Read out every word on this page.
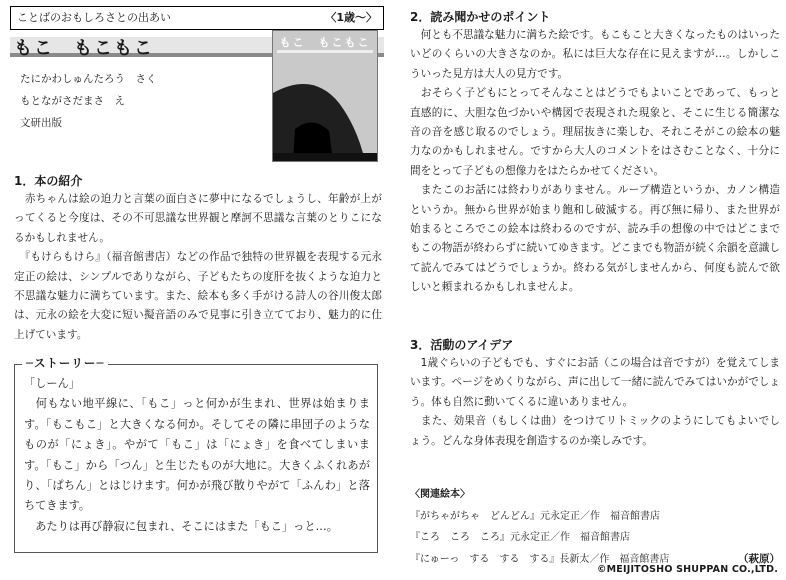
ことばのおもしろさとの出あい	〈1歳〜〉
もこ　もこもこ
たにかわしゅんたろう　さく
もとながさだまさ　え
文研出版
もこ　もこもこ
1．本の紹介

　赤ちゃんは絵の迫力と言葉の面白さに夢中になるでしょうし、年齢が上がってくると今度は、その不可思議な世界観と摩訶不思議な言葉のとりこになるかもしれません。

　『もけらもけら』（福音館書店）などの作品で独特の世界観を表現する元永定正の絵は、シンプルでありながら、子どもたちの度肝を抜くような迫力と不思議な魅力に満ちています。また、絵本も多く手がける詩人の谷川俊太郎は、元永の絵を大変に短い擬音語のみで見事に引き立てており、魅力的に仕上げています。

─ストーリー─

「しーん」

　何もない地平線に、「もこ」っと何かが生まれ、世界は始まります。「もこもこ」と大きくなる何か。そしてその隣に串団子のようなものが「にょき」。やがて「もこ」は「にょき」を食べてしまいます。「もこ」から「つん」と生じたものが大地に。大きくふくれあがり、「ぱちん」とはじけます。何かが飛び散りやがて「ふんわ」と落ちてきます。

　あたりは再び静寂に包まれ、そこにはまた「もこ」っと…。

2．読み聞かせのポイント

　何とも不思議な魅力に満ちた絵です。もこもこと大きくなったものはいったいどのくらいの大きさなのか。私には巨大な存在に見えますが…。しかしこういった見方は大人の見方です。

　おそらく子どもにとってそんなことはどうでもよいことであって、もっと直感的に、大胆な色づかいや構図で表現された現象と、そこに生じる簡潔な音の音を感じ取るのでしょう。理屈抜きに楽しむ、それこそがこの絵本の魅力なのかもしれません。ですから大人のコメントをはさむことなく、十分に間をとって子どもの想像力をはたらかせてください。

　またこのお話には終わりがありません。ループ構造というか、カノン構造というか。無から世界が始まり飽和し破滅する。再び無に帰り、また世界が始まるところでこの絵本は終わるのですが、読み手の想像の中ではどこまでもこの物語が終わらずに続いてゆきます。どこまでも物語が続く余韻を意識して読んでみてはどうでしょうか。終わる気がしませんから、何度も読んで欲しいと頼まれるかもしれませんよ。

3．活動のアイデア

　1歳ぐらいの子どもでも、すぐにお話（この場合は音ですが）を覚えてしまいます。ページをめくりながら、声に出して一緒に読んでみてはいかがでしょう。体も自然に動いてくるに違いありません。

　また、効果音（もしくは曲）をつけてリトミックのようにしてもよいでしょう。どんな身体表現を創造するのか楽しみです。

〈関連絵本〉
『がちゃがちゃ　どんどん』元永定正／作　福音館書店
『ころ　ころ　ころ』元永定正／作　福音館書店
『にゅーっ　する　する　する』長新太／作　福音館書店	（萩原）
©MEIJITOSHO SHUPPAN CO.,LTD.
